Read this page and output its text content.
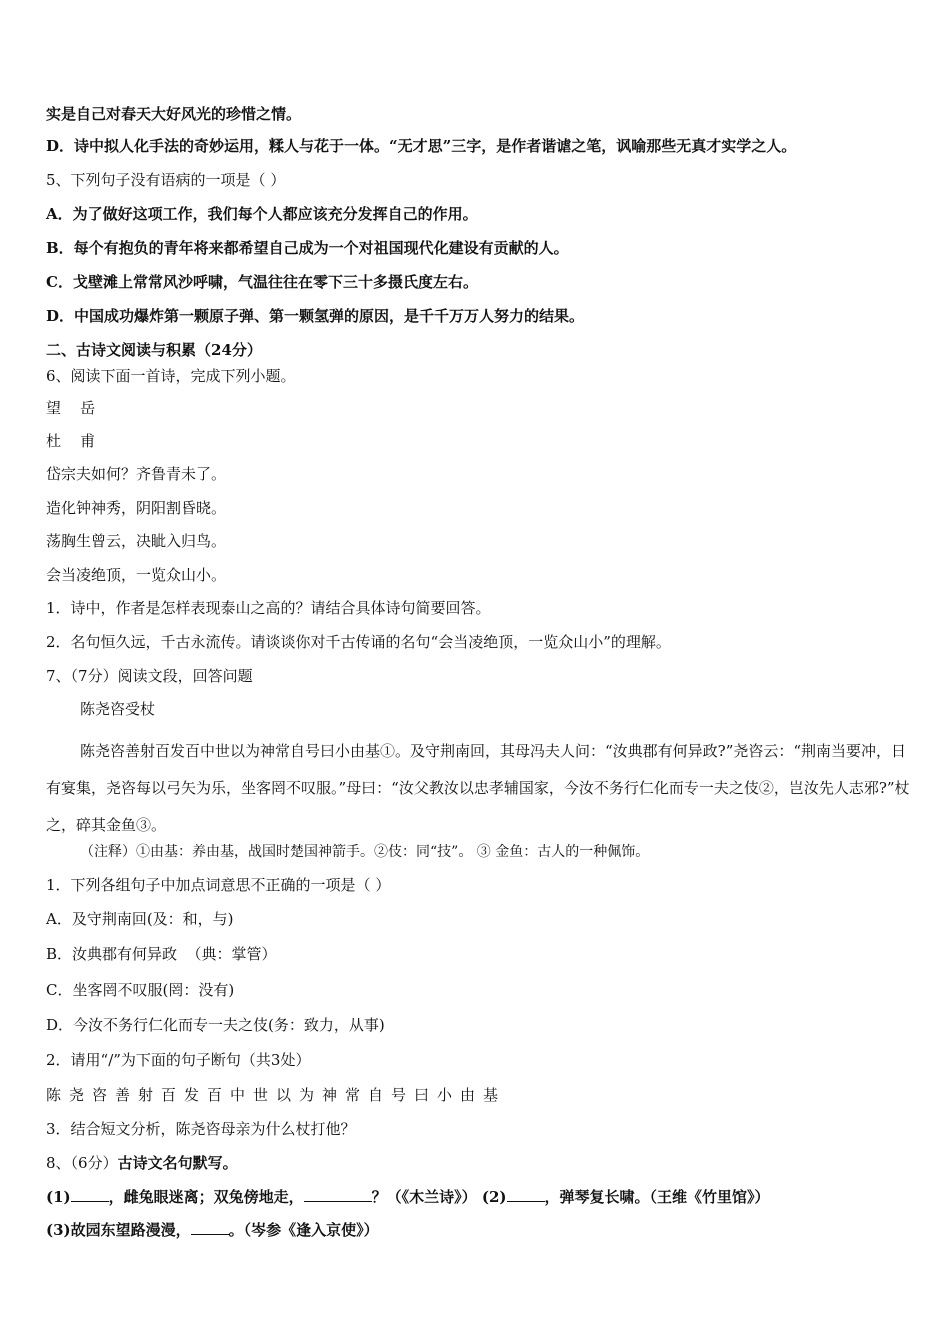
实是自己对春天大好风光的珍惜之情。
D．诗中拟人化手法的奇妙运用，糅人与花于一体。“无才思”三字，是作者谐谑之笔，讽喻那些无真才实学之人。
5、下列句子没有语病的一项是（ ）
A．为了做好这项工作，我们每个人都应该充分发挥自己的作用。
B．每个有抱负的青年将来都希望自己成为一个对祖国现代化建设有贡献的人。
C．戈壁滩上常常风沙呼啸，气温往往在零下三十多摄氏度左右。
D．中国成功爆炸第一颗原子弹、第一颗氢弹的原因，是千千万万人努力的结果。
二、古诗文阅读与积累（24分）
6、阅读下面一首诗，完成下列小题。
望    岳
杜    甫
岱宗夫如何？齐鲁青未了。
造化钟神秀，阴阳割昏晓。
荡胸生曾云，决眦入归鸟。
会当凌绝顶，一览众山小。
1．诗中，作者是怎样表现泰山之高的？请结合具体诗句简要回答。
2．名句恒久远，千古永流传。请谈谈你对千古传诵的名句“会当凌绝顶，一览众山小”的理解。
7、（7分）阅读文段，回答问题
陈尧咨受杖
陈尧咨善射百发百中世以为神常自号曰小由基①。及守荆南回，其母冯夫人问：“汝典郡有何异政?”尧咨云：“荆南当要冲，日有宴集，尧咨每以弓矢为乐，坐客罔不叹服。”母曰：“汝父教汝以忠孝辅国家，今汝不务行仁化而专一夫之伎②，岂汝先人志邪?”杖之，碎其金鱼③。
（注释）①由基：养由基，战国时楚国神箭手。②伎：同“技”。 ③ 金鱼：古人的一种佩饰。
1．下列各组句子中加点词意思不正确的一项是（ ）
A．及守荆南回(及：和，与)
B．汝典郡有何异政  （典：掌管）
C．坐客罔不叹服(罔：没有)
D．今汝不务行仁化而专一夫之伎(务：致力，从事)
2．请用“/”为下面的句子断句（共3处）
陈尧咨善射百发百中世以为神常自号曰小由基
3．结合短文分析，陈尧咨母亲为什么杖打他？
8、（6分）古诗文名句默写。
(1)	，雌兔眼迷离；双兔傍地走，	？（《木兰诗》） (2)	，弹琴复长啸。（王维《竹里馆》）
(3)故园东望路漫漫，	。（岑参《逢入京使》）
